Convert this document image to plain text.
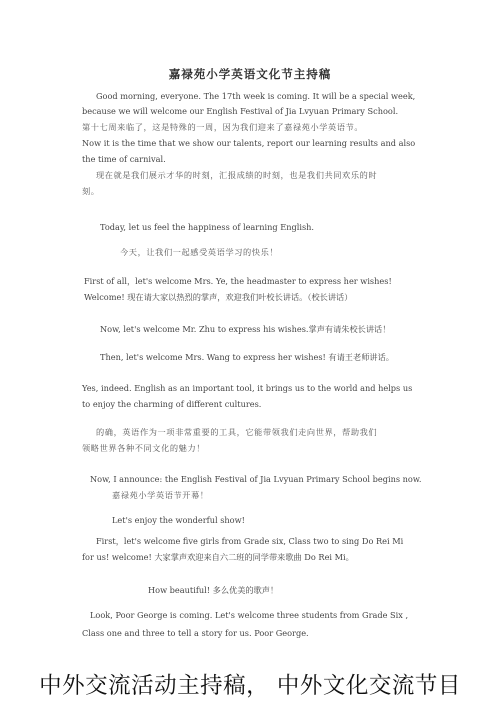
嘉禄苑小学英语文化节主持稿
Good morning, everyone. The 17th week is coming. It will be a special week,
because we will welcome our English Festival of Jia Lvyuan Primary School.
第十七周来临了，这是特殊的一周，因为我们迎来了嘉禄苑小学英语节。
Now it is the time that we show our talents, report our learning results and also
the time of carnival.
现在就是我们展示才华的时刻，汇报成绩的时刻，也是我们共同欢乐的时
刻。
Today, let us feel the happiness of learning English.
今天，让我们一起感受英语学习的快乐！
First of all，let's welcome Mrs. Ye, the headmaster to express her wishes!
Welcome! 现在请大家以热烈的掌声，欢迎我们叶校长讲话。（校长讲话）
Now, let's welcome Mr. Zhu to express his wishes.掌声有请朱校长讲话！
Then, let's welcome Mrs. Wang to express her wishes! 有请王老师讲话。
Yes, indeed. English as an important tool, it brings us to the world and helps us
to enjoy the charming of different cultures.
的确，英语作为一项非常重要的工具，它能带领我们走向世界，帮助我们
领略世界各种不同文化的魅力！
Now, I announce: the English Festival of Jia Lvyuan Primary School begins now.
嘉禄苑小学英语节开幕！
Let's enjoy the wonderful show!
First，let's welcome five girls from Grade six, Class two to sing Do Rei Mi
for us! welcome! 大家掌声欢迎来自六二班的同学带来歌曲 Do Rei Mi。
How beautiful! 多么优美的歌声！
Look, Poor George is coming. Let's welcome three students from Grade Six ,
Class one and three to tell a story for us. Poor George.
中外交流活动主持稿， 中外文化交流节目
